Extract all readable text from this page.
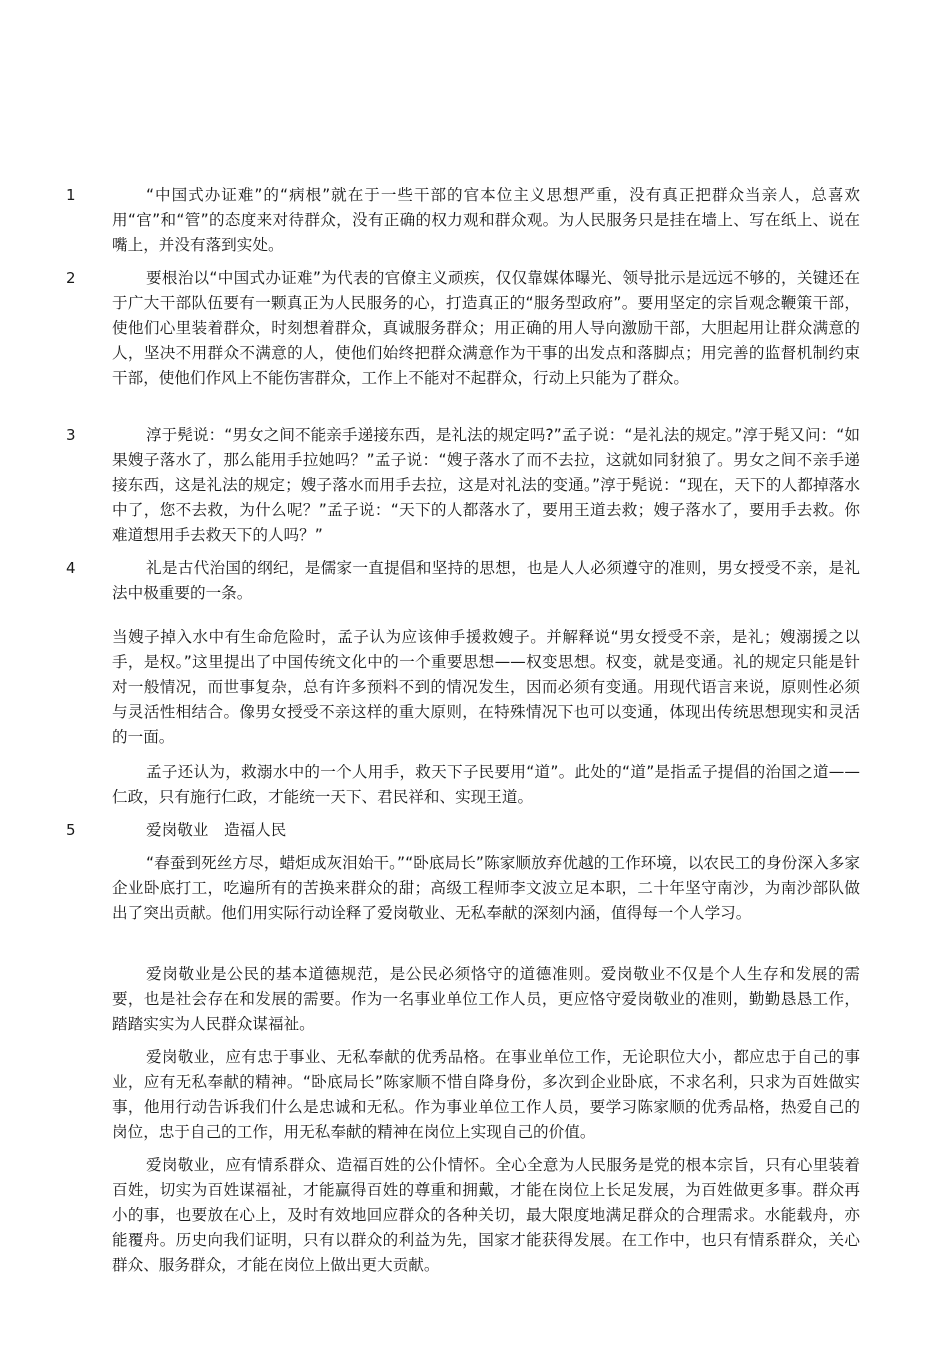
1	“中国式办证难”的“病根”就在于一些干部的官本位主义思想严重，没有真正把群众当亲人，总喜欢用“官”和“管”的态度来对待群众，没有正确的权力观和群众观。为人民服务只是挂在墙上、写在纸上、说在嘴上，并没有落到实处。

2	要根治以“中国式办证难”为代表的官僚主义顽疾，仅仅靠媒体曝光、领导批示是远远不够的，关键还在于广大干部队伍要有一颗真正为人民服务的心，打造真正的“服务型政府”。要用坚定的宗旨观念鞭策干部，使他们心里装着群众，时刻想着群众，真诚服务群众；用正确的用人导向激励干部，大胆起用让群众满意的人，坚决不用群众不满意的人，使他们始终把群众满意作为干事的出发点和落脚点；用完善的监督机制约束干部，使他们作风上不能伤害群众，工作上不能对不起群众，行动上只能为了群众。

3	淳于髡说：“男女之间不能亲手递接东西，是礼法的规定吗?”孟子说：“是礼法的规定。”淳于髡又问：“如果嫂子落水了，那么能用手拉她吗？”孟子说：“嫂子落水了而不去拉，这就如同豺狼了。男女之间不亲手递接东西，这是礼法的规定；嫂子落水而用手去拉，这是对礼法的变通。”淳于髡说：“现在，天下的人都掉落水中了，您不去救，为什么呢？”孟子说：“天下的人都落水了，要用王道去救；嫂子落水了，要用手去救。你难道想用手去救天下的人吗？”

4	礼是古代治国的纲纪，是儒家一直提倡和坚持的思想，也是人人必须遵守的准则，男女授受不亲，是礼法中极重要的一条。

当嫂子掉入水中有生命危险时，孟子认为应该伸手援救嫂子。并解释说“男女授受不亲，是礼；嫂溺援之以手，是权。”这里提出了中国传统文化中的一个重要思想——权变思想。权变，就是变通。礼的规定只能是针对一般情况，而世事复杂，总有许多预料不到的情况发生，因而必须有变通。用现代语言来说，原则性必须与灵活性相结合。像男女授受不亲这样的重大原则，在特殊情况下也可以变通，体现出传统思想现实和灵活的一面。

孟子还认为，救溺水中的一个人用手，救天下子民要用“道”。此处的“道”是指孟子提倡的治国之道——仁政，只有施行仁政，才能统一天下、君民祥和、实现王道。

5	爱岗敬业　造福人民

“春蚕到死丝方尽，蜡炬成灰泪始干。”“卧底局长”陈家顺放弃优越的工作环境，以农民工的身份深入多家企业卧底打工，吃遍所有的苦换来群众的甜；高级工程师李文波立足本职，二十年坚守南沙，为南沙部队做出了突出贡献。他们用实际行动诠释了爱岗敬业、无私奉献的深刻内涵，值得每一个人学习。

爱岗敬业是公民的基本道德规范，是公民必须恪守的道德准则。爱岗敬业不仅是个人生存和发展的需要，也是社会存在和发展的需要。作为一名事业单位工作人员，更应恪守爱岗敬业的准则，勤勤恳恳工作，踏踏实实为人民群众谋福祉。

爱岗敬业，应有忠于事业、无私奉献的优秀品格。在事业单位工作，无论职位大小，都应忠于自己的事业，应有无私奉献的精神。“卧底局长”陈家顺不惜自降身份，多次到企业卧底，不求名利，只求为百姓做实事，他用行动告诉我们什么是忠诚和无私。作为事业单位工作人员，要学习陈家顺的优秀品格，热爱自己的岗位，忠于自己的工作，用无私奉献的精神在岗位上实现自己的价值。

爱岗敬业，应有情系群众、造福百姓的公仆情怀。全心全意为人民服务是党的根本宗旨，只有心里装着百姓，切实为百姓谋福祉，才能赢得百姓的尊重和拥戴，才能在岗位上长足发展，为百姓做更多事。群众再小的事，也要放在心上，及时有效地回应群众的各种关切，最大限度地满足群众的合理需求。水能载舟，亦能覆舟。历史向我们证明，只有以群众的利益为先，国家才能获得发展。在工作中，也只有情系群众，关心群众、服务群众，才能在岗位上做出更大贡献。
